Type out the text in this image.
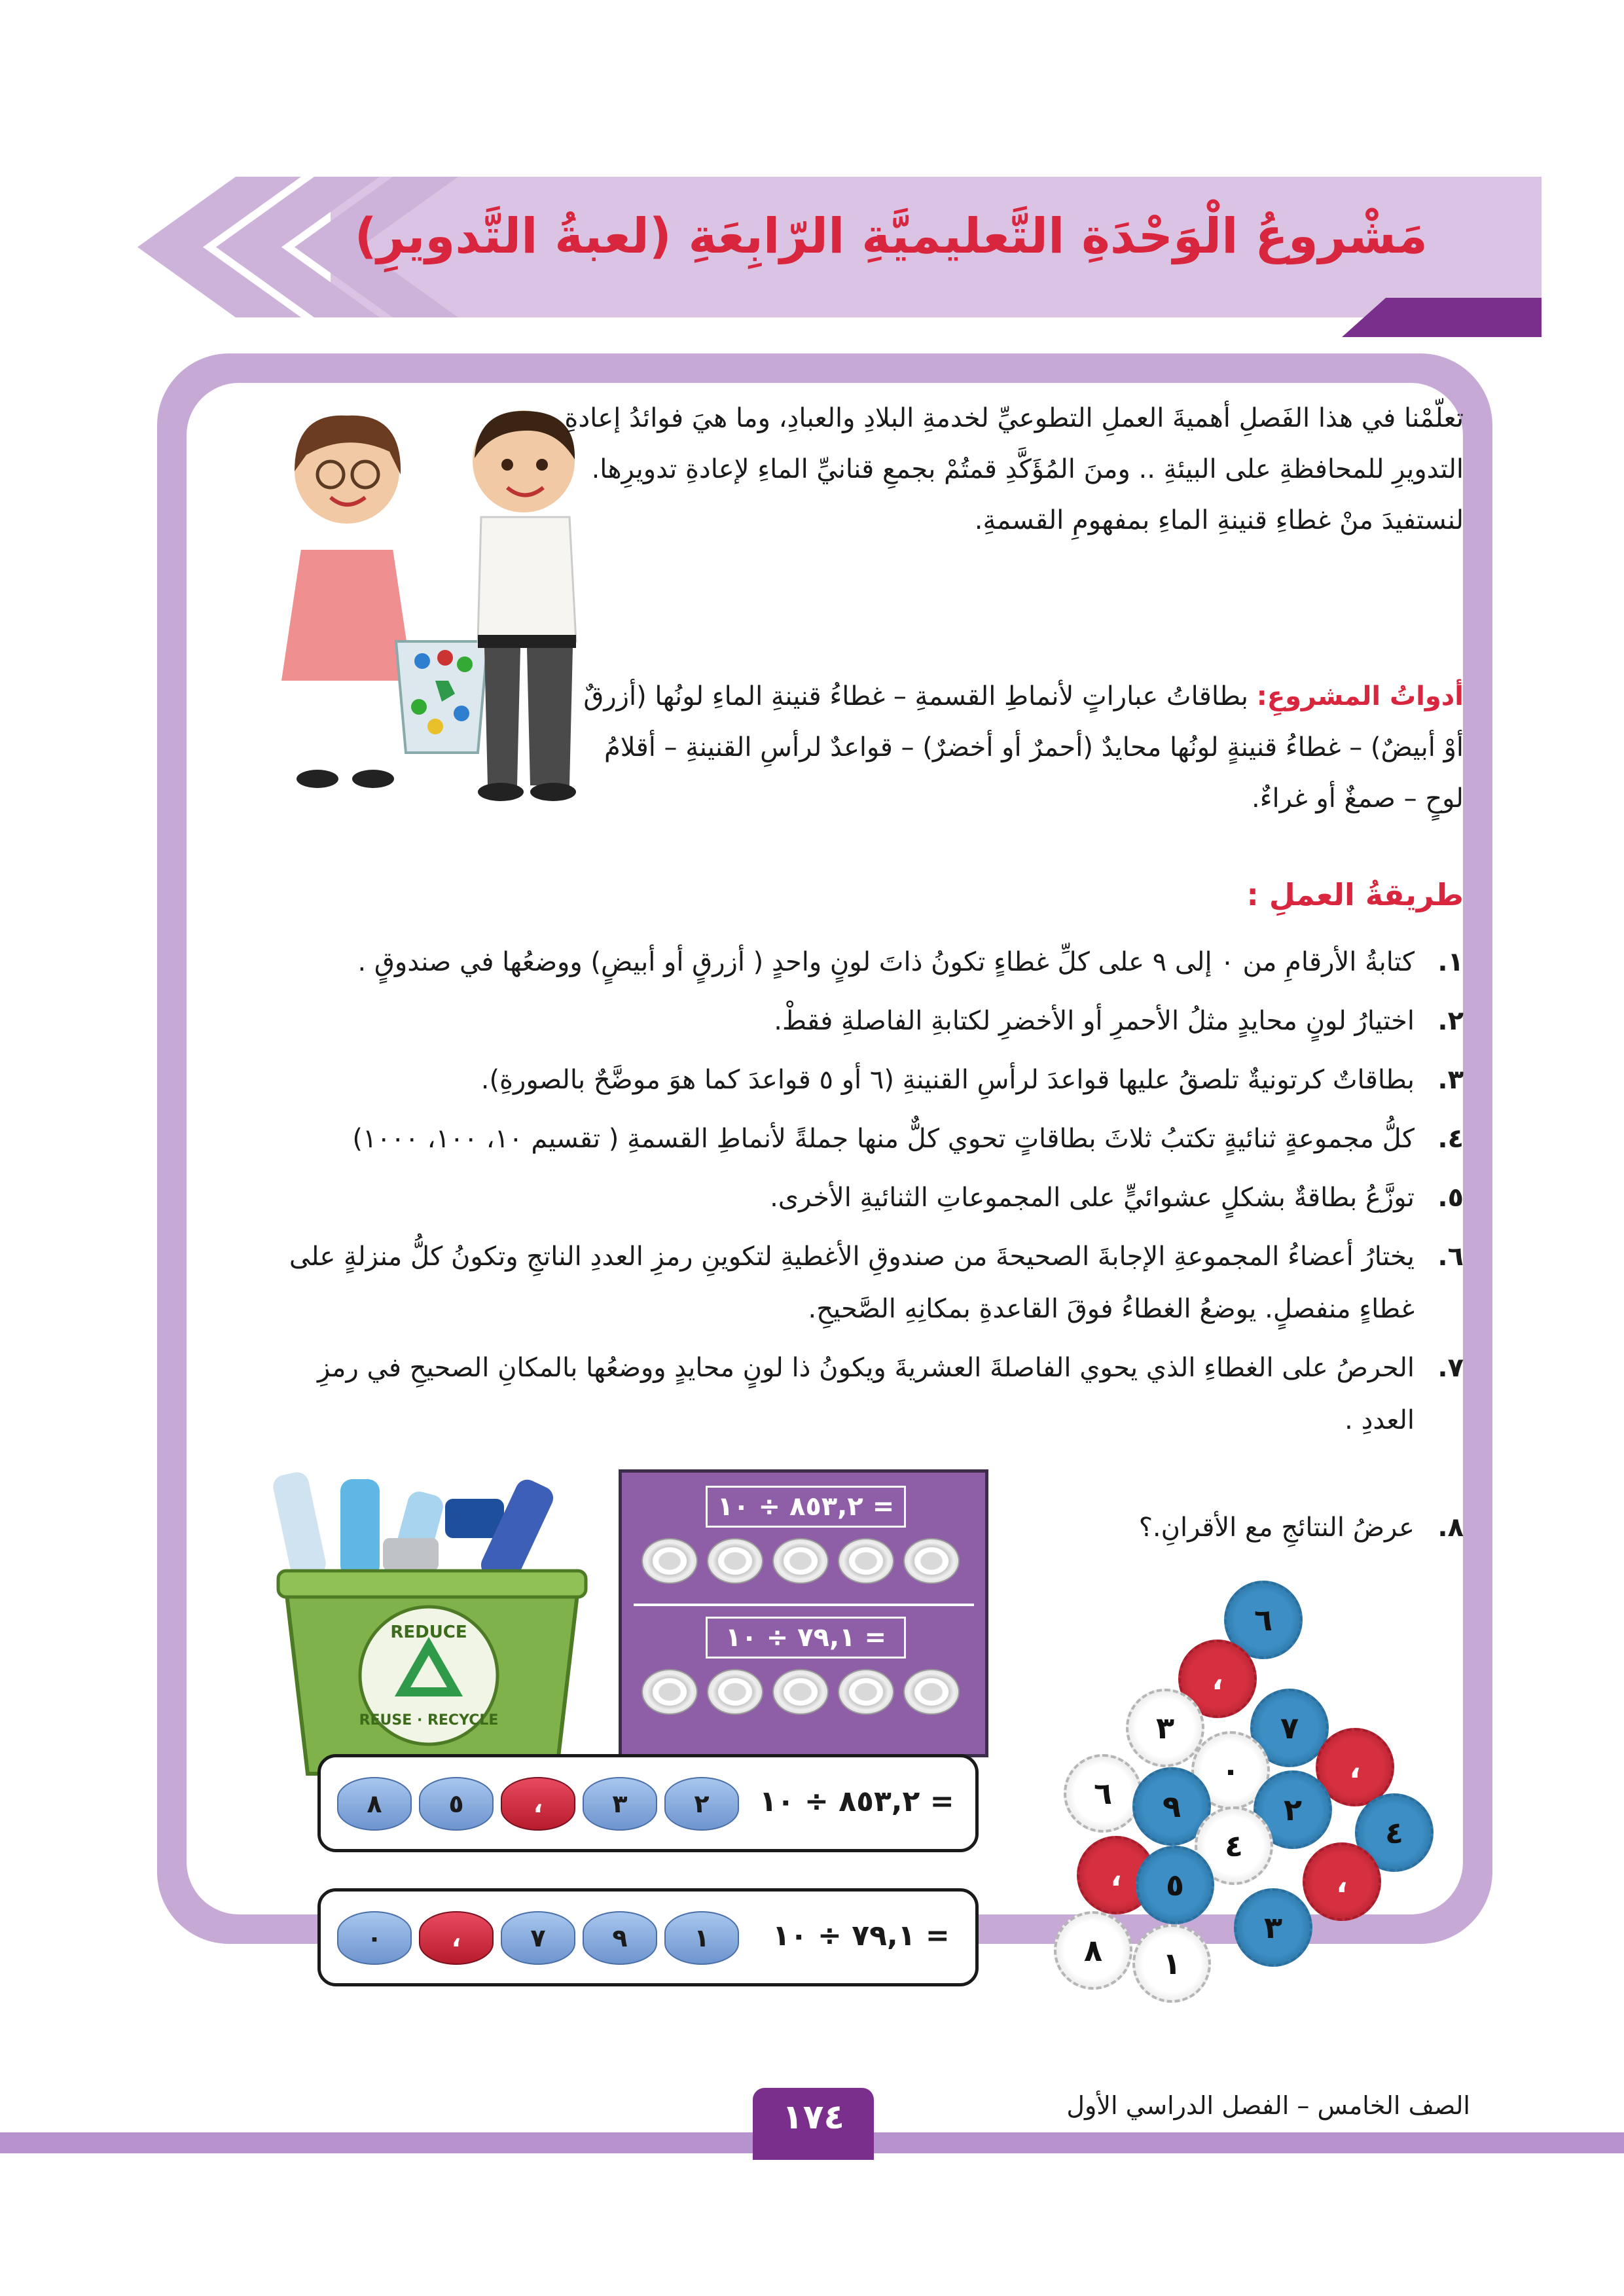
مَشْروعُ الْوَحْدَةِ التَّعليميَّةِ الرّابِعَةِ (لعبةُ التَّدويرِ)
تعلّمْنا في هذا الفَصلِ أهميةَ العملِ التطوعيِّ لخدمةِ البلادِ والعبادِ، وما هيَ فوائدُ إعادةِ التدويرِ للمحافظةِ على البيئةِ .. ومنَ المُؤَكَّدِ قمتُمْ بجمعِ قنانيِّ الماءِ لإعادةِ تدويرِها. لنستفيدَ منْ غطاءِ قنينةِ الماءِ بمفهومِ القسمةِ.
أدواتُ المشروعِ: بطاقاتُ عباراتٍ لأنماطِ القسمةِ – غطاءُ قنينةِ الماءِ لونُها (أزرقٌ أوْ أبيضٌ) – غطاءُ قنينةٍ لونُها محايدٌ (أحمرٌ أو أخضرٌ) – قواعدٌ لرأسِ القنينةِ – أقلامُ لوحٍ – صمغٌ أو غراءٌ.
طريقةُ العملِ :
١.
كتابةُ الأرقامِ من ٠ إلى ٩ على كلِّ غطاءٍ تكونُ ذاتَ لونٍ واحدٍ ( أزرقٍ أو أبيضٍ) ووضعُها في صندوقٍ .
٢.
اختيارُ لونٍ محايدٍ مثلُ الأحمرِ أو الأخضرِ لكتابةِ الفاصلةِ فقطْ.
٣.
بطاقاتٌ كرتونيةٌ تلصقُ عليها قواعدَ لرأسِ القنينةِ (٦ أو ٥ قواعدَ كما هوَ موضَّحٌ بالصورةِ).
٤.
كلُّ مجموعةٍ ثنائيةٍ تكتبُ ثلاثَ بطاقاتٍ تحوي كلٌّ منها جملةً لأنماطِ القسمةِ ( تقسيم ١٠، ١٠٠، ١٠٠٠)
٥.
توزَّعُ بطاقةٌ بشكلٍ عشوائيٍّ على المجموعاتِ الثنائيةِ الأخرى.
٦.
يختارُ أعضاءُ المجموعةِ الإجابةَ الصحيحةَ من صندوقِ الأغطيةِ لتكوينِ رمزِ العددِ الناتجِ وتكونُ كلُّ منزلةٍ على غطاءٍ منفصلٍ. يوضعُ الغطاءُ فوقَ القاعدةِ بمكانِهِ الصَّحيحِ.
٧.
الحرصُ على الغطاءِ الذي يحوي الفاصلةَ العشريةَ ويكونُ ذا لونٍ محايدٍ ووضعُها بالمكانِ الصحيحِ في رمزِ العددِ .
٨.
عرضُ النتائجِ مع الأقرانِ.؟
REDUCE
REUSE · RECYCLE
٨٥٣,٢ ÷ ١٠ =
٧٩,١ ÷ ١٠ =
٨	٥	،	٣	٢	٨٥٣,٢ ÷ ١٠ =
٠	،	٧	٩	١	٧٩,١ ÷ ١٠ =
٦
،
٣	٧
٠	،
٦	٩	٢
٤
٤
،	٥	،
٨
٣
١
الصف الخامس – الفصل الدراسي الأول
١٧٤
